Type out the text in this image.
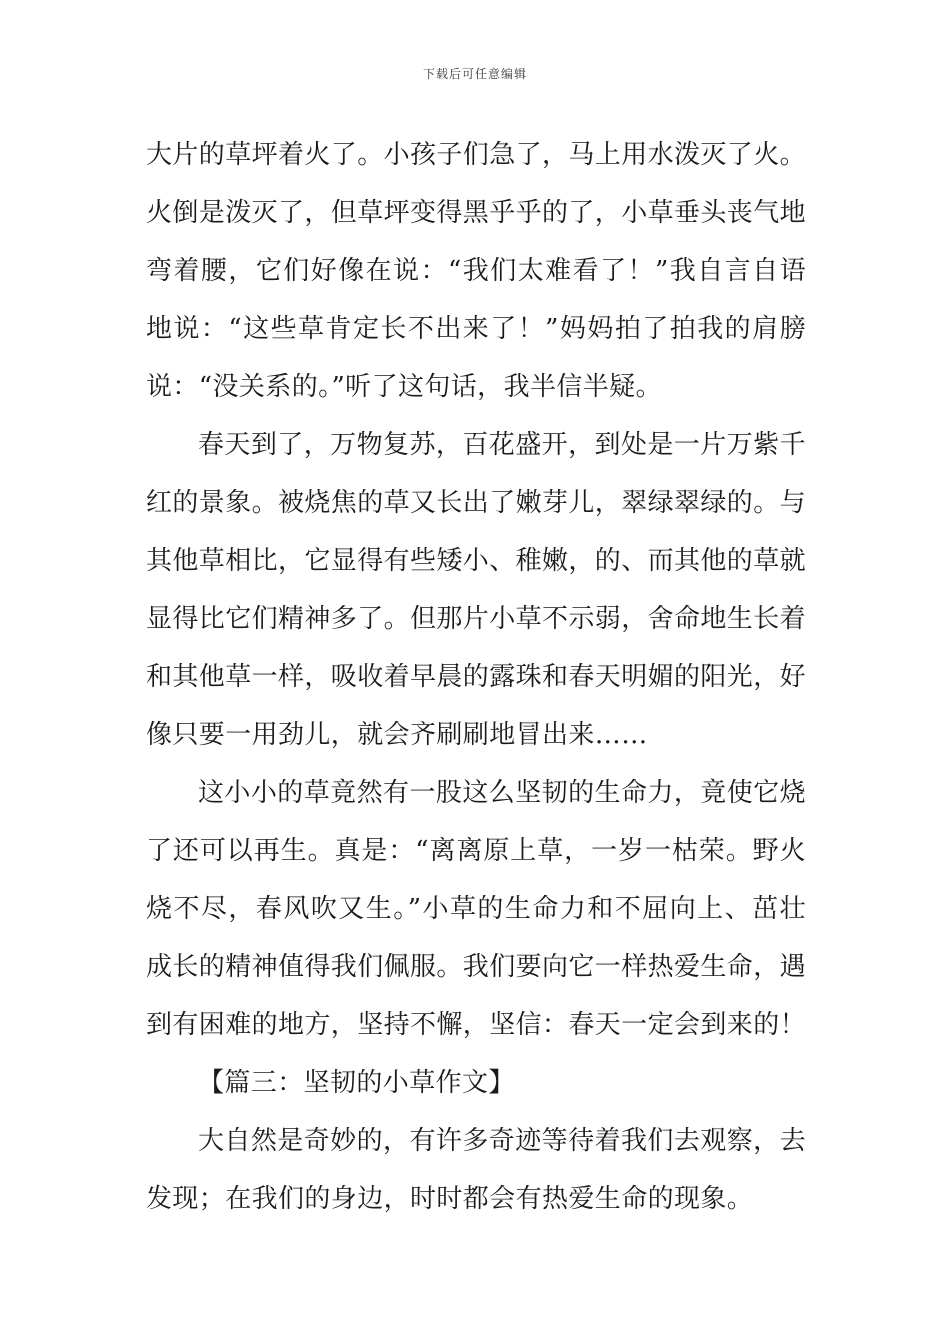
下载后可任意编辑

大片的草坪着火了。小孩子们急了，马上用水泼灭了火。火倒是泼灭了，但草坪变得黑乎乎的了，小草垂头丧气地弯着腰，它们好像在说：“我们太难看了！”我自言自语地说：“这些草肯定长不出来了！”妈妈拍了拍我的肩膀说：“没关系的。”听了这句话，我半信半疑。

春天到了，万物复苏，百花盛开，到处是一片万紫千红的景象。被烧焦的草又长出了嫩芽儿，翠绿翠绿的。与其他草相比，它显得有些矮小、稚嫩，的、而其他的草就显得比它们精神多了。但那片小草不示弱，舍命地生长着和其他草一样，吸收着早晨的露珠和春天明媚的阳光，好像只要一用劲儿，就会齐刷刷地冒出来……

这小小的草竟然有一股这么坚韧的生命力，竟使它烧了还可以再生。真是：“离离原上草，一岁一枯荣。野火烧不尽，春风吹又生。”小草的生命力和不屈向上、茁壮成长的精神值得我们佩服。我们要向它一样热爱生命，遇到有困难的地方，坚持不懈，坚信：春天一定会到来的！

【篇三：坚韧的小草作文】

大自然是奇妙的，有许多奇迹等待着我们去观察，去发现；在我们的身边，时时都会有热爱生命的现象。
